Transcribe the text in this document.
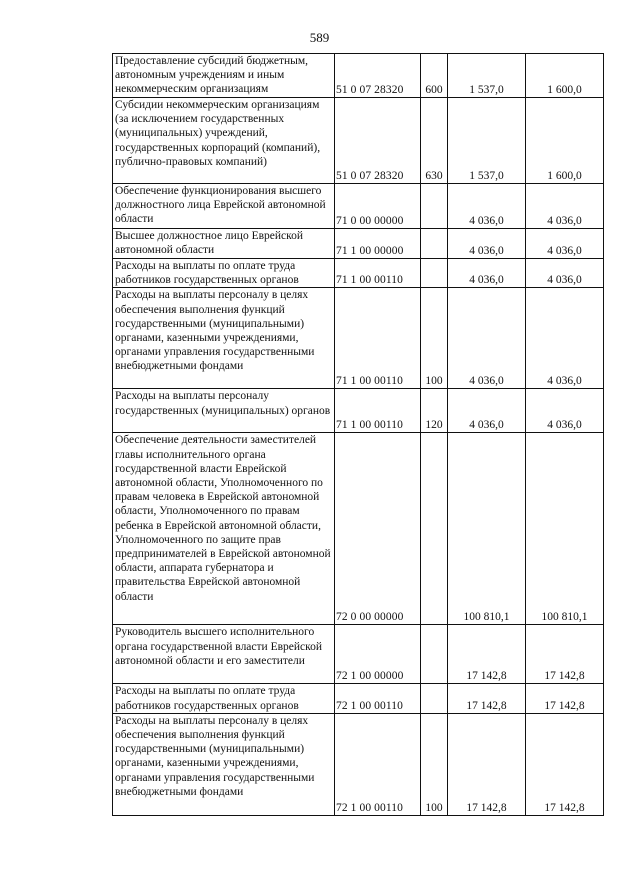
589
Предоставление субсидий бюджетным, автономным учреждениям и иным некоммерческим организациям	51 0 07 28320	600	1 537,0	1 600,0
Субсидии некоммерческим организациям (за исключением государственных (муниципальных) учреждений, государственных корпораций (компаний), публично-правовых компаний)	51 0 07 28320	630	1 537,0	1 600,0
Обеспечение функционирования высшего должностного лица Еврейской автономной области	71 0 00 00000		4 036,0	4 036,0
Высшее должностное лицо Еврейской автономной области	71 1 00 00000		4 036,0	4 036,0
Расходы на выплаты по оплате труда работников государственных органов	71 1 00 00110		4 036,0	4 036,0
Расходы на выплаты персоналу в целях обеспечения выполнения функций государственными (муниципальными) органами, казенными учреждениями, органами управления государственными внебюджетными фондами	71 1 00 00110	100	4 036,0	4 036,0
Расходы на выплаты персоналу государственных (муниципальных) органов	71 1 00 00110	120	4 036,0	4 036,0
Обеспечение деятельности заместителей главы исполнительного органа государственной власти Еврейской автономной области, Уполномоченного по правам человека в Еврейской автономной области, Уполномоченного по правам ребенка в Еврейской автономной области, Уполномоченного по защите прав предпринимателей в Еврейской автономной области, аппарата губернатора и правительства Еврейской автономной области	72 0 00 00000		100 810,1	100 810,1
Руководитель высшего исполнительного органа государственной власти Еврейской автономной области и его заместители	72 1 00 00000		17 142,8	17 142,8
Расходы на выплаты по оплате труда работников государственных органов	72 1 00 00110		17 142,8	17 142,8
Расходы на выплаты персоналу в целях обеспечения выполнения функций государственными (муниципальными) органами, казенными учреждениями, органами управления государственными внебюджетными фондами	72 1 00 00110	100	17 142,8	17 142,8
